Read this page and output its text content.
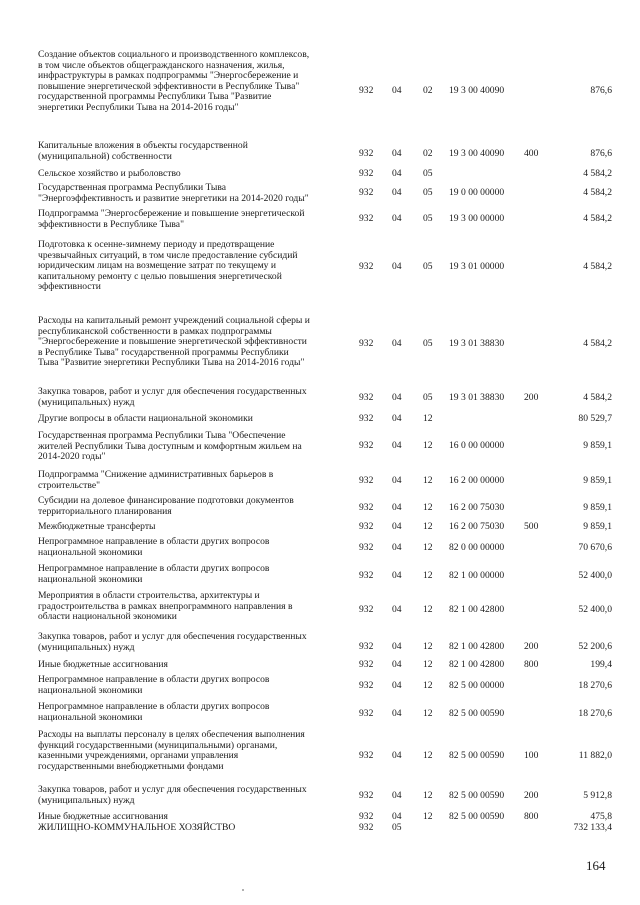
Создание объектов социального и производственного комплексов,
в том числе объектов общегражданского назначения, жилья,
инфраструктуры в рамках подпрограммы "Энергосбережение и
повышение энергетической эффективности в Республике Тыва"
государственной программы Республики Тыва "Развитие
энергетики Республики Тыва на 2014-2016 годы"
932 04 02 19 3 00 40090	876,6
Капитальные вложения в объекты государственной
(муниципальной) собственности	932 04 02 19 3 00 40090 400	876,6
Сельское хозяйство и рыболовство	932 04 05	4 584,2
Государственная программа Республики Тыва
"Энергоэффективность и развитие энергетики на 2014-2020 годы"
932 04 05 19 0 00 00000	4 584,2
Подпрограмма "Энергосбережение и повышение энергетической
эффективности в Республике Тыва"
932 04 05 19 3 00 00000	4 584,2
Подготовка к осенне-зимнему периоду и предотвращение
чрезвычайных ситуаций, в том числе предоставление субсидий
юридическим лицам на возмещение затрат по текущему и
капитальному ремонту с целью повышения энергетической
эффективности
932 04 05 19 3 01 00000	4 584,2
Расходы на капитальный ремонт учреждений социальной сферы и
республиканской собственности в рамках подпрограммы
"Энергосбережение и повышение энергетической эффективности
в Республике Тыва" государственной программы Республики
Тыва "Развитие энергетики Республики Тыва на 2014-2016 годы"
932 04 05 19 3 01 38830	4 584,2
Закупка товаров, работ и услуг для обеспечения государственных
(муниципальных) нужд	932 04 05 19 3 01 38830 200	4 584,2
Другие вопросы в области национальной экономики	932 04 12	80 529,7
Государственная программа Республики Тыва "Обеспечение
жителей Республики Тыва доступным и комфортным жильем на
2014-2020 годы"
932 04 12 16 0 00 00000	9 859,1
Подпрограмма "Снижение административных барьеров в
строительстве"	932 04 12 16 2 00 00000	9 859,1
Субсидии на долевое финансирование подготовки документов
территориального планирования	932 04 12 16 2 00 75030	9 859,1
Межбюджетные трансферты	932 04 12 16 2 00 75030 500	9 859,1
Непрограммное направление в области других вопросов
национальной экономики	932 04 12 82 0 00 00000	70 670,6
Непрограммное направление в области других вопросов
национальной экономики	932 04 12 82 1 00 00000	52 400,0
Мероприятия в области строительства, архитектуры и
градостроительства в рамках внепрограммного направления в
области национальной экономики
932 04 12 82 1 00 42800	52 400,0
Закупка товаров, работ и услуг для обеспечения государственных
(муниципальных) нужд	932 04 12 82 1 00 42800 200	52 200,6
Иные бюджетные ассигнования	932 04 12 82 1 00 42800 800	199,4
Непрограммное направление в области других вопросов
национальной экономики	932 04 12 82 5 00 00000	18 270,6
Непрограммное направление в области других вопросов
национальной экономики	932 04 12 82 5 00 00590	18 270,6
Расходы на выплаты персоналу в целях обеспечения выполнения
функций государственными (муниципальными) органами,
казенными учреждениями, органами управления
государственными внебюджетными фондами
932 04 12 82 5 00 00590 100	11 882,0
Закупка товаров, работ и услуг для обеспечения государственных
(муниципальных) нужд	932 04 12 82 5 00 00590 200	5 912,8
Иные бюджетные ассигнования	932 04 12 82 5 00 00590 800	475,8
ЖИЛИЩНО-КОММУНАЛЬНОЕ ХОЗЯЙСТВО	932 05	732 133,4
164
